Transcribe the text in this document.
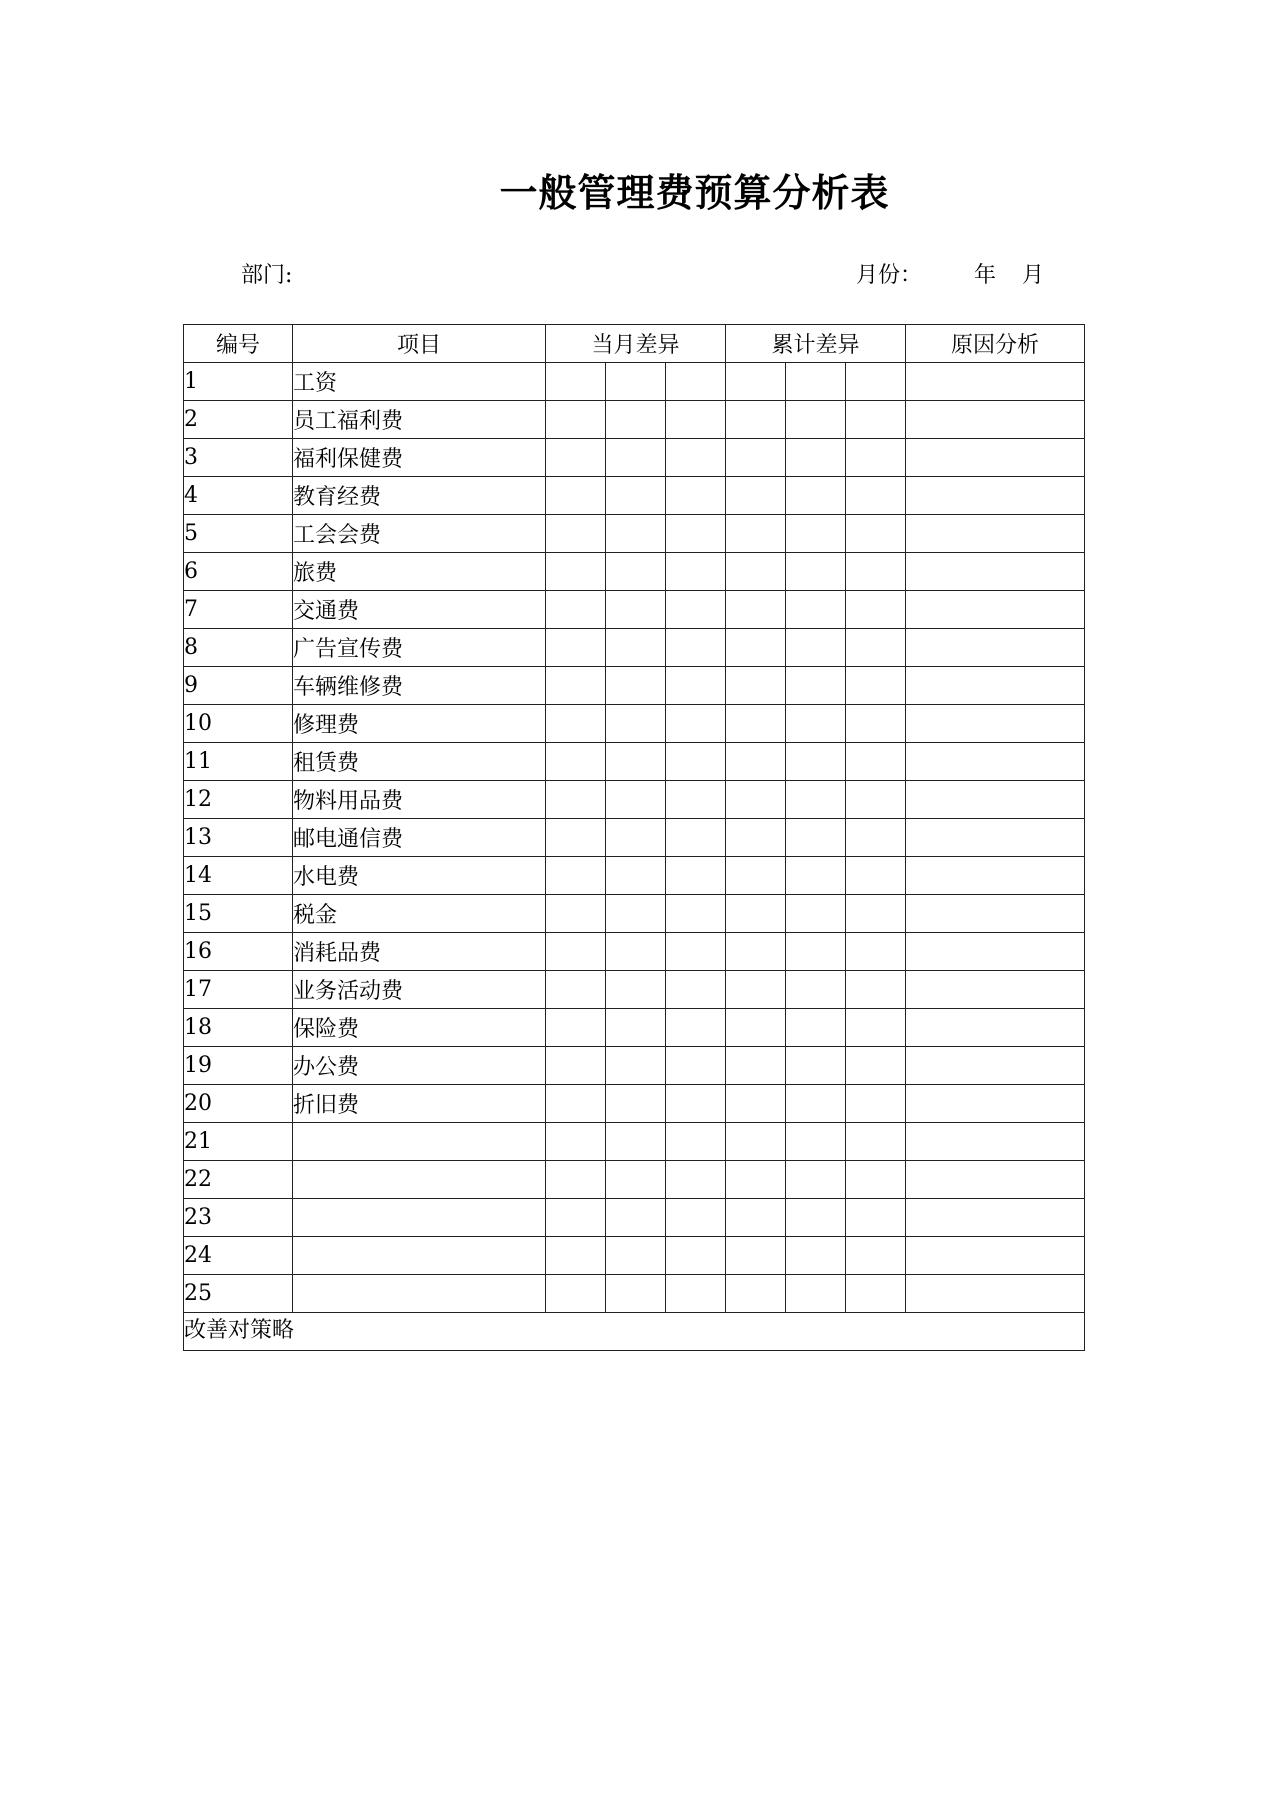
一般管理费预算分析表
部门:	月份： 年 月
编号	项目	当月差异			累计差异			原因分析
1	工资							
2	员工福利费							
3	福利保健费							
4	教育经费							
5	工会会费							
6	旅费							
7	交通费							
8	广告宣传费							
9	车辆维修费							
10	修理费							
11	租赁费							
12	物料用品费							
13	邮电通信费							
14	水电费							
15	税金							
16	消耗品费							
17	业务活动费							
18	保险费							
19	办公费							
20	折旧费							
21								
22								
23								
24								
25								
改善对策略								
